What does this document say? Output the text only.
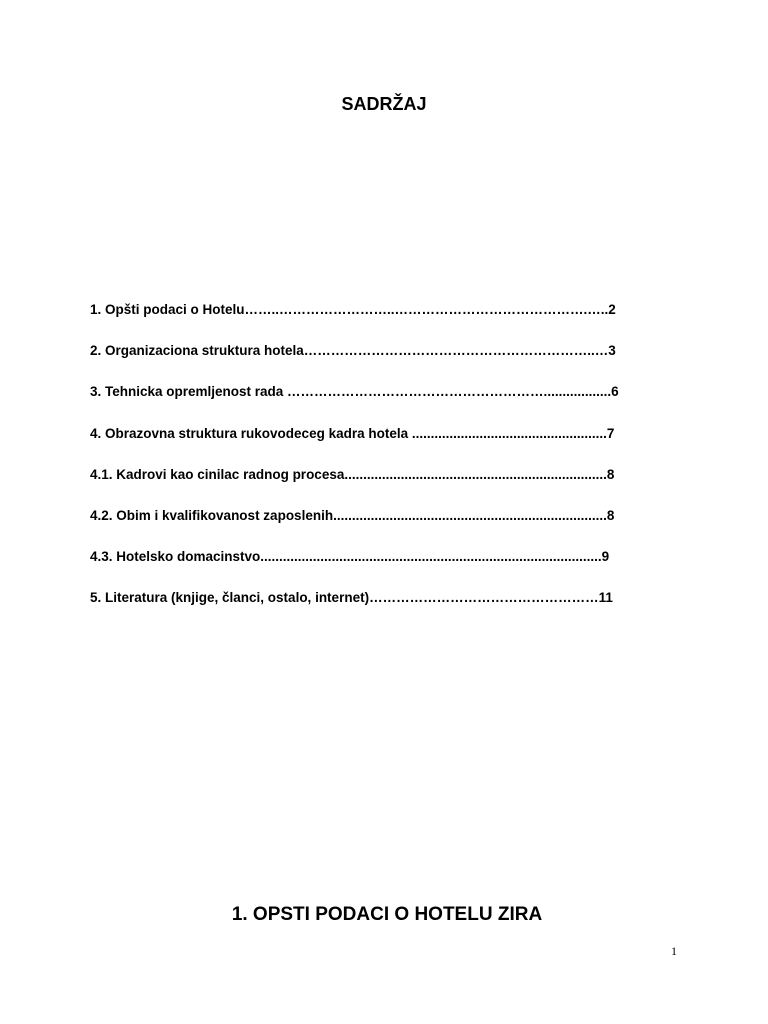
SADRŽAJ
1. Opšti podaci o Hotelu……..……………………..…………………………………….…..2
2. Organizaciona struktura hotela………………………………………………………..…3
3. Tehnicka opremljenost rada …………………………………………………..................6
4. Obrazovna struktura rukovodeceg kadra hotela ....................................................7
4.1. Kadrovi kao cinilac radnog procesa......................................................................8
4.2. Obim i kvalifikovanost zaposlenih.........................................................................8
4.3. Hotelsko domacinstvo...........................................................................................9
5. Literatura (knjige, članci, ostalo, internet)……………………………………………11
1. OPSTI PODACI O HOTELU ZIRA
1
